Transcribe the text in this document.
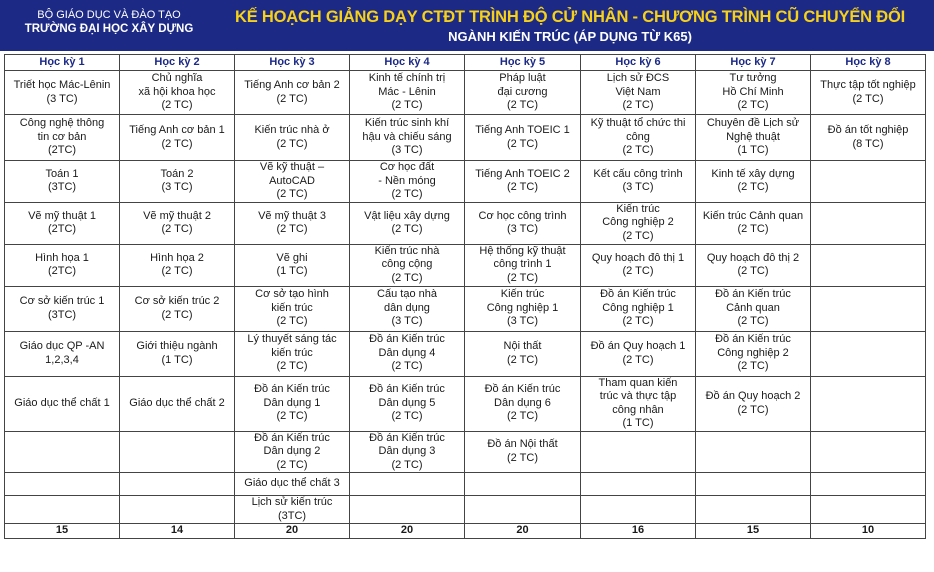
BỘ GIÁO DỤC VÀ ĐÀO TẠO
TRƯỜNG ĐẠI HỌC XÂY DỰNG
KẾ HOẠCH GIẢNG DẠY CTĐT TRÌNH ĐỘ CỬ NHÂN - CHƯƠNG TRÌNH CŨ CHUYỂN ĐỔI
NGÀNH KIẾN TRÚC (ÁP DỤNG TỪ K65)
Học kỳ 1	Học kỳ 2	Học kỳ 3	Học kỳ 4	Học kỳ 5	Học kỳ 6	Học kỳ 7	Học kỳ 8

Triết học Mác-Lênin
(3 TC)	Chủ nghĩa
xã hội khoa học
(2 TC)	Tiếng Anh cơ bản 2
(2 TC)	Kinh tế chính trị
Mác - Lênin
(2 TC)	Pháp luật
đại cương
(2 TC)	Lịch sử ĐCS
Việt Nam
(2 TC)	Tư tưởng
Hồ Chí Minh
(2 TC)	Thực tập tốt nghiệp
(2 TC)

Công nghệ thông
tin cơ bản
(2TC)	Tiếng Anh cơ bản 1
(2 TC)	Kiến trúc nhà ở
(2 TC)	Kiến trúc sinh khí
hậu và chiếu sáng
(3 TC)	Tiếng Anh TOEIC 1
(2 TC)	Kỹ thuật tổ chức thi
công
(2 TC)	Chuyên đề Lịch sử
Nghệ thuật
(1 TC)	Đồ án tốt nghiệp
(8 TC)

Toán 1
(3TC)	Toán 2
(3 TC)	Vẽ kỹ thuật –
AutoCAD
(2 TC)	Cơ học đất
- Nền móng
(2 TC)	Tiếng Anh TOEIC 2
(2 TC)	Kết cấu công trình
(3 TC)	Kinh tế xây dựng
(2 TC)	

Vẽ mỹ thuật 1
(2TC)	Vẽ mỹ thuật 2
(2 TC)	Vẽ mỹ thuật 3
(2 TC)	Vật liệu xây dựng
(2 TC)	Cơ học công trình
(3 TC)	Kiến trúc
Công nghiệp 2
(2 TC)	Kiến trúc Cảnh quan
(2 TC)	

Hình họa 1
(2TC)	Hình họa 2
(2 TC)	Vẽ ghi
(1 TC)	Kiến trúc nhà
công cộng
(2 TC)	Hệ thống kỹ thuật
công trình 1
(2 TC)	Quy hoạch đô thị 1
(2 TC)	Quy hoạch đô thị 2
(2 TC)	

Cơ sở kiến trúc 1
(3TC)	Cơ sở kiến trúc 2
(2 TC)	Cơ sở tạo hình
kiến trúc
(2 TC)	Cấu tạo nhà
dân dụng
(3 TC)	Kiến trúc
Công nghiệp 1
(3 TC)	Đồ án Kiến trúc
Công nghiệp 1
(2 TC)	Đồ án Kiến trúc
Cảnh quan
(2 TC)	

Giáo dục QP -AN
1,2,3,4	Giới thiệu ngành
(1 TC)	Lý thuyết sáng tác
kiến trúc
(2 TC)	Đồ án Kiến trúc
Dân dụng 4
(2 TC)	Nội thất
(2 TC)	Đồ án Quy hoạch 1
(2 TC)	Đồ án Kiến trúc
Công nghiệp 2
(2 TC)	

Giáo dục thể chất 1	Giáo dục thể chất 2	Đồ án Kiến trúc
Dân dụng 1
(2 TC)	Đồ án Kiến trúc
Dân dụng 5
(2 TC)	Đồ án Kiến trúc
Dân dụng 6
(2 TC)	Tham quan kiến
trúc và thực tập
công nhân
(1 TC)	Đồ án Quy hoạch 2
(2 TC)	

		Đồ án Kiến trúc
Dân dụng 2
(2 TC)	Đồ án Kiến trúc
Dân dụng 3
(2 TC)	Đồ án Nội thất
(2 TC)			

		Giáo dục thể chất 3					

		Lịch sử kiến trúc
(3TC)					

15	14	20	20	20	16	15	10
